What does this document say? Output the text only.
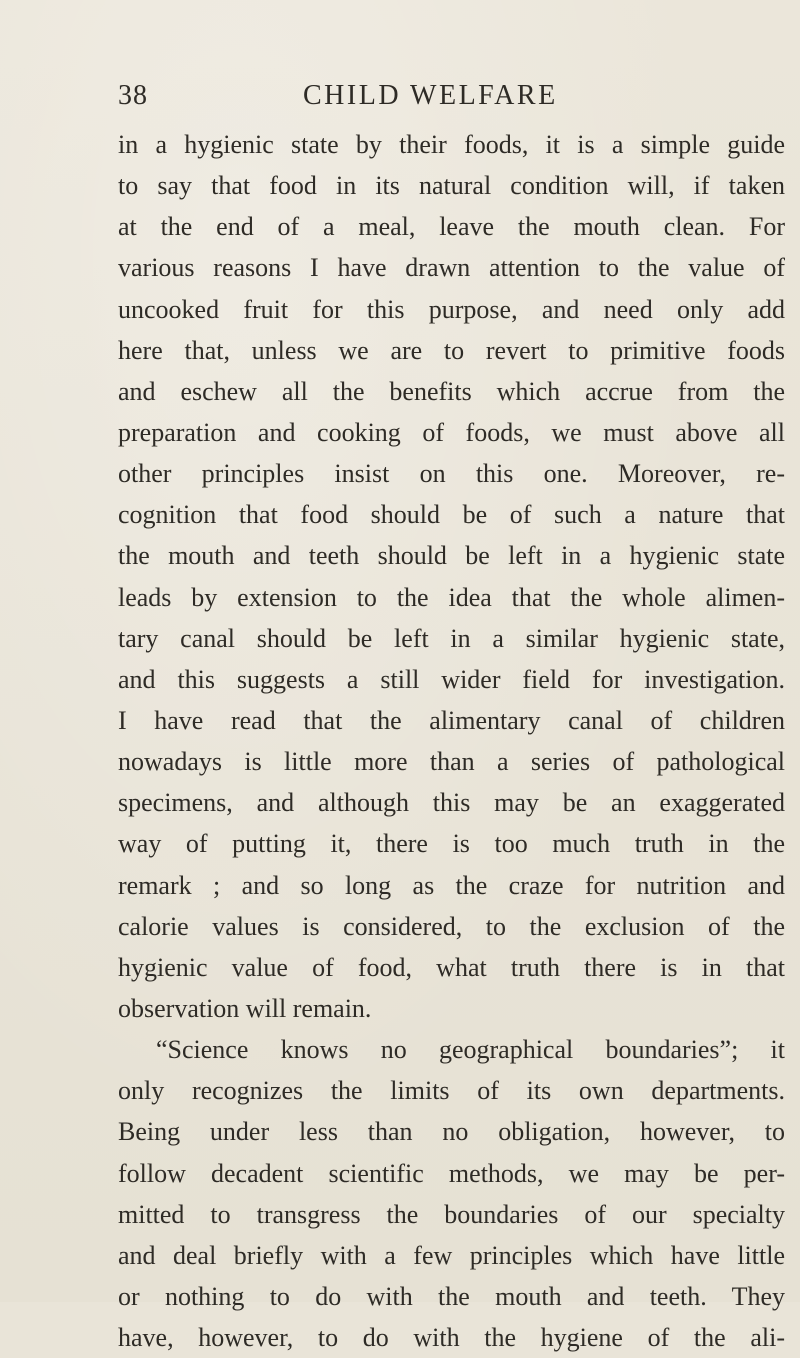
38	CHILD WELFARE
in a hygienic state by their foods, it is a simple guide
to say that food in its natural condition will, if taken
at the end of a meal, leave the mouth clean. For
various reasons I have drawn attention to the value of
uncooked fruit for this purpose, and need only add
here that, unless we are to revert to primitive foods
and eschew all the benefits which accrue from the
preparation and cooking of foods, we must above all
other principles insist on this one. Moreover, re-
cognition that food should be of such a nature that
the mouth and teeth should be left in a hygienic state
leads by extension to the idea that the whole alimen-
tary canal should be left in a similar hygienic state,
and this suggests a still wider field for investigation.
I have read that the alimentary canal of children
nowadays is little more than a series of pathological
specimens, and although this may be an exaggerated
way of putting it, there is too much truth in the
remark ; and so long as the craze for nutrition and
calorie values is considered, to the exclusion of the
hygienic value of food, what truth there is in that
observation will remain.
“Science knows no geographical boundaries”; it
only recognizes the limits of its own departments.
Being under less than no obligation, however, to
follow decadent scientific methods, we may be per-
mitted to transgress the boundaries of our specialty
and deal briefly with a few principles which have little
or nothing to do with the mouth and teeth. They
have, however, to do with the hygiene of the ali-
